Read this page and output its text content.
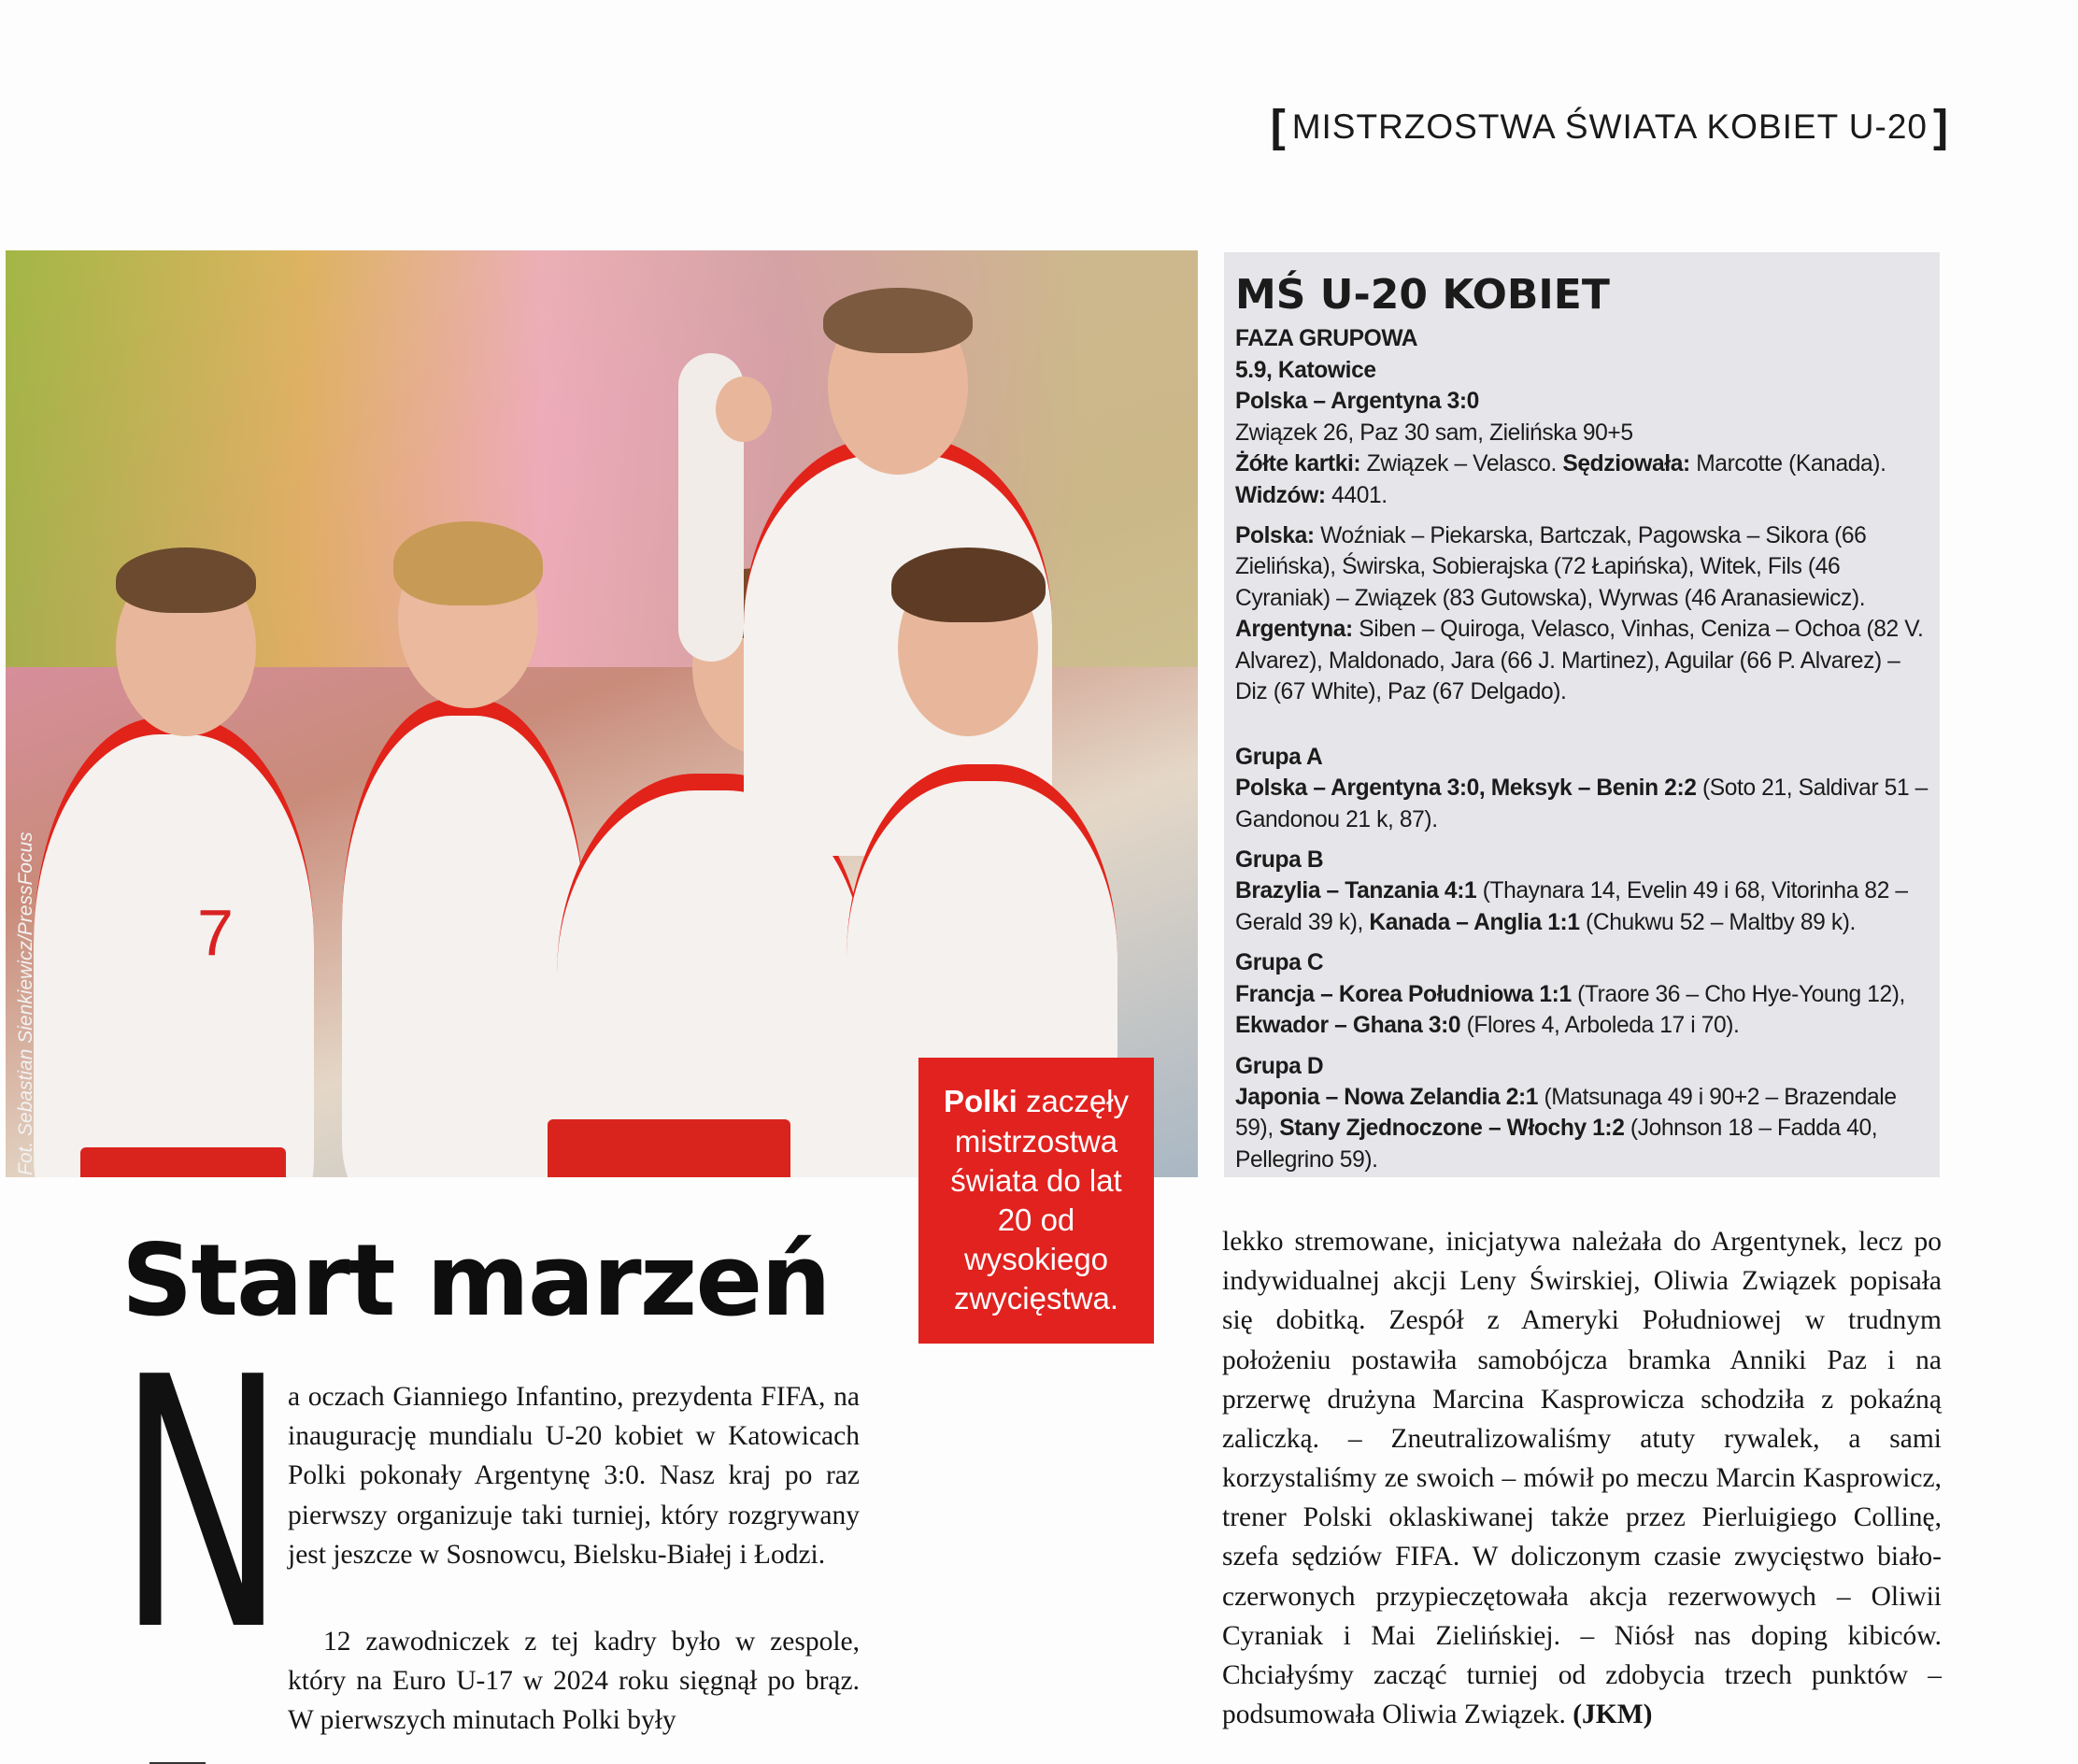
[ MISTRZOSTWA ŚWIATA KOBIET U-20 ]
7
Fot. Sebastian Sienkiewicz/PressFocus	Polki zaczęły mistrzostwa świata do lat 20 od wysokiego zwycięstwa.
MŚ U-20 KOBIET

FAZA GRUPOWA

5.9, Katowice

Polska – Argentyna 3:0

Związek 26, Paz 30 sam, Zielińska 90+5

Żółte kartki: Związek – Velasco. Sędziowała: Marcotte (Kanada). Widzów: 4401.

Polska: Woźniak – Piekarska, Bartczak, Pagowska – Sikora (66 Zielińska), Świrska, Sobierajska (72 Łapińska), Witek, Fils (46 Cyraniak) – Związek (83 Gutowska), Wyrwas (46 Aranasiewicz).

Argentyna: Siben – Quiroga, Velasco, Vinhas, Ceniza – Ochoa (82 V. Alvarez), Maldonado, Jara (66 J. Martinez), Aguilar (66 P. Alvarez) – Diz (67 White), Paz (67 Delgado).

Grupa A

Polska – Argentyna 3:0, Meksyk – Benin 2:2 (Soto 21, Saldivar 51 – Gandonou 21 k, 87).

Grupa B

Brazylia – Tanzania 4:1 (Thaynara 14, Evelin 49 i 68, Vitorinha 82 – Gerald 39 k), Kanada – Anglia 1:1 (Chukwu 52 – Maltby 89 k).

Grupa C

Francja – Korea Południowa 1:1 (Traore 36 – Cho Hye-Young 12), Ekwador – Ghana 3:0 (Flores 4, Arboleda 17 i 70).

Grupa D

Japonia – Nowa Zelandia 2:1 (Matsunaga 49 i 90+2 – Brazendale 59), Stany Zjednoczone – Włochy 1:2 (Johnson 18 – Fadda 40, Pellegrino 59).

Start marzeń
N a oczach Gianniego Infantino, prezydenta FIFA, na inaugurację mundialu U-20 kobiet w Katowicach Polki pokonały Argentynę 3:0. Nasz kraj po raz pierwszy organizuje taki turniej, który rozgrywany jest jeszcze w Sosnowcu, Bielsku-Białej i Łodzi.

12 zawodniczek z tej kadry było w zespole, który na Euro U-17 w 2024 roku sięgnął po brąz. W pierwszych minutach Polki były

lekko stremowane, inicjatywa należała do Argentynek, lecz po indywidualnej akcji Leny Świrskiej, Oliwia Związek popisała się dobitką. Zespół z Ameryki Południowej w trudnym położeniu postawiła samobójcza bramka Anniki Paz i na przerwę drużyna Marcina Kasprowicza schodziła z pokaźną zaliczką. – Zneutralizowaliśmy atuty rywalek, a sami korzystaliśmy ze swoich – mówił po meczu Marcin Kasprowicz, trener Polski oklaskiwanej także przez Pierluigiego Collinę, szefa sędziów FIFA. W doliczonym czasie zwycięstwo biało-czerwonych przypieczętowała akcja rezerwowych – Oliwii Cyraniak i Mai Zielińskiej. – Niósł nas doping kibiców. Chciałyśmy zacząć turniej od zdobycia trzech punktów – podsumowała Oliwia Związek. (JKM)
